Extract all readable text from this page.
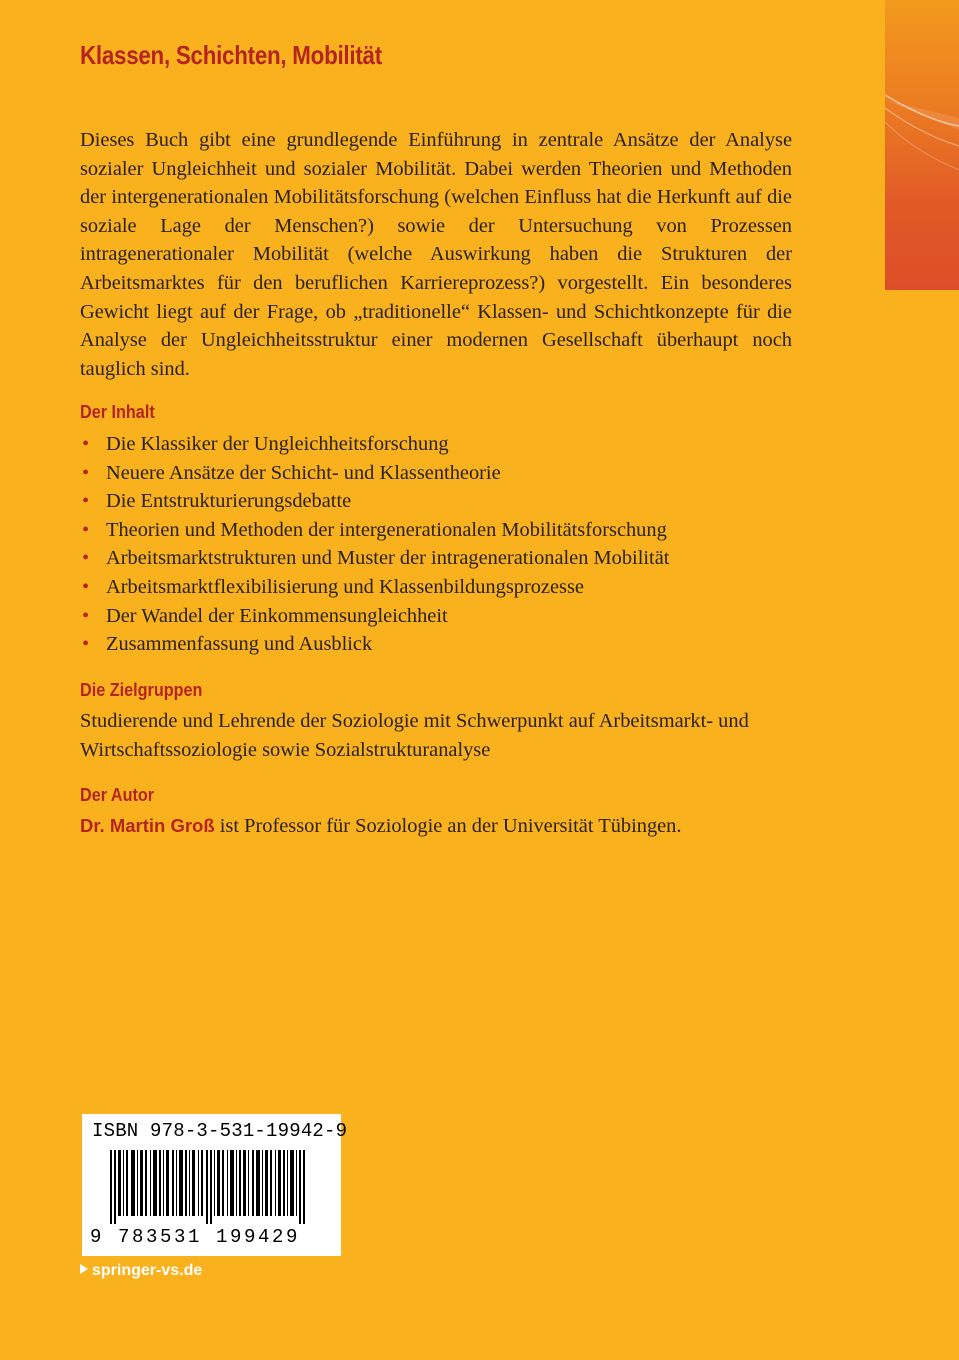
Klassen, Schichten, Mobilität

Dieses Buch gibt eine grundlegende Einführung in zentrale Ansätze der Analyse sozialer Ungleichheit und sozialer Mobilität. Dabei werden Theorien und Methoden der intergenerationalen Mobilitätsforschung (welchen Einfluss hat die Herkunft auf die soziale Lage der Menschen?) sowie der Untersuchung von Prozessen intragenerationaler Mobilität (welche Auswirkung haben die Strukturen der Arbeitsmarktes für den beruflichen Karriereprozess?) vorgestellt. Ein besonderes Gewicht liegt auf der Frage, ob „traditionelle“ Klassen- und Schichtkonzepte für die Analyse der Ungleichheitsstruktur einer modernen Gesellschaft überhaupt noch tauglich sind.

Der Inhalt
• Die Klassiker der Ungleichheitsforschung
• Neuere Ansätze der Schicht- und Klassentheorie
• Die Entstrukturierungsdebatte
• Theorien und Methoden der intergenerationalen Mobilitätsforschung
• Arbeitsmarktstrukturen und Muster der intragenerationalen Mobilität
• Arbeitsmarktflexibilisierung und Klassenbildungsprozesse
• Der Wandel der Einkommensungleichheit
• Zusammenfassung und Ausblick
Die Zielgruppen

Studierende und Lehrende der Soziologie mit Schwerpunkt auf Arbeitsmarkt- und Wirtschaftssoziologie sowie Sozialstrukturanalyse

Der Autor

Dr. Martin Groß ist Professor für Soziologie an der Universität Tübingen.

ISBN 978-3-531-19942-9
9 783531 199429
springer-vs.de
